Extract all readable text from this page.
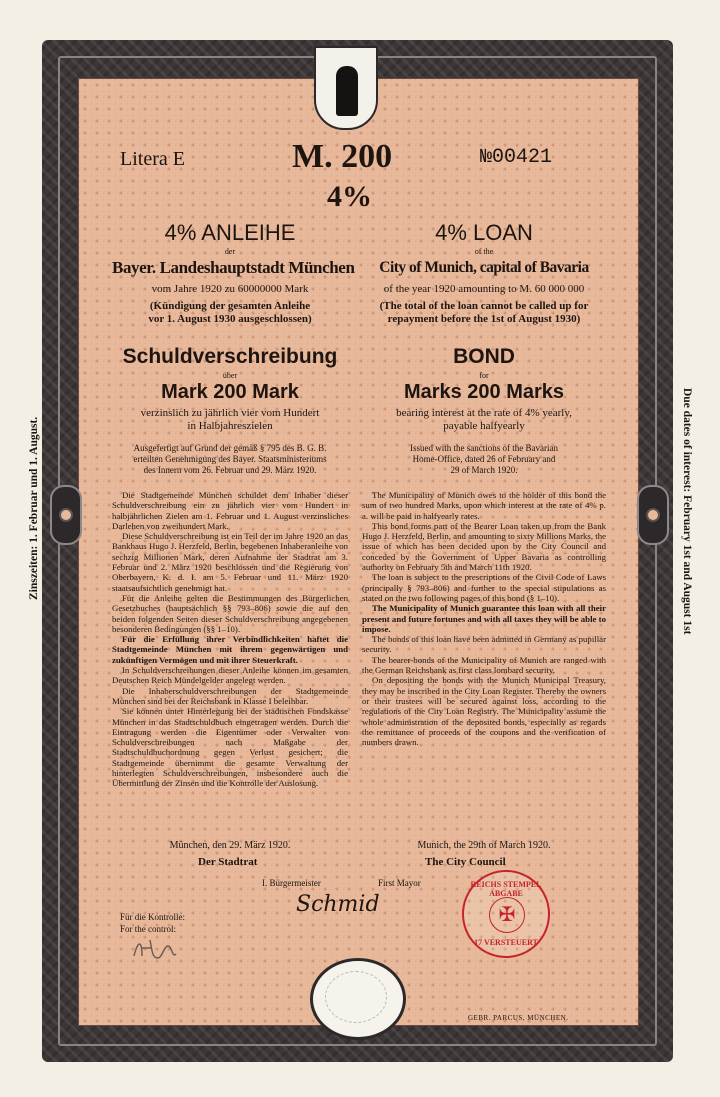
Zinszeiten: 1. Februar und 1. August.	Due dates of interest: February 1st and August 1st
Litera E	M. 200	№00421
4%
4% ANLEIHE
der
Bayer. Landeshauptstadt München
vom Jahre 1920 zu 60000000 Mark
(Kündigung der gesamten Anleihe
vor 1. August 1930 ausgeschlossen)
Schuldverschreibung
über
Mark 200 Mark
verzinslich zu jährlich vier vom Hundert
in Halbjahreszielen
Ausgefertigt auf Grund der gemäß § 795 des B. G. B.
erteilten Genehmigung des Bayer. Staatsministeriums
des Innern vom 26. Februar und 29. März 1920.
4% LOAN
of the
City of Munich, capital of Bavaria
of the year 1920 amounting to M. 60 000 000
(The total of the loan cannot be called up for
repayment before the 1st of August 1930)
BOND
for
Marks 200 Marks
bearing interest at the rate of 4% yearly,
payable halfyearly
Issued with the sanctions of the Bavarian
Home-Office, dated 26 of February and
29 of March 1920.
Die Stadtgemeinde München schuldet dem Inhaber dieser Schuldverschreibung ein zu jährlich vier vom Hundert in halbjährlichen Zielen am 1. Februar und 1. August verzinsliches Darlehen von zweihundert Mark.
Diese Schuldverschreibung ist ein Teil der im Jahre 1920 an das Bankhaus Hugo J. Herzfeld, Berlin, begebenen Inhaberanleihe von sechzig Millionen Mark, deren Aufnahme der Stadtrat am 3. Februar und 2. März 1920 beschlossen und die Regierung von Oberbayern, K. d. I. am 5. Februar und 11. März 1920 staatsaufsichtlich genehmigt hat.
Für die Anleihe gelten die Bestimmungen des Bürgerlichen Gesetzbuches (hauptsächlich §§ 793–806) sowie die auf den beiden folgenden Seiten dieser Schuldverschreibung angegebenen besonderen Bedingungen (§§ 1–10).
Für die Erfüllung ihrer Verbindlichkeiten haftet die Stadtgemeinde München mit ihrem gegenwärtigen und zukünftigen Vermögen und mit ihrer Steuerkraft.
In Schuldverschreibungen dieser Anleihe können im gesamten Deutschen Reich Mündelgelder angelegt werden.
Die Inhaberschuldverschreibungen der Stadtgemeinde München sind bei der Reichsbank in Klasse I beleihbar.
Sie können unter Hinterlegung bei der städtischen Fondskasse München in das Stadtschuldbuch eingetragen werden. Durch die Eintragung werden die Eigentümer oder Verwalter von Schuldverschreibungen nach Maßgabe der Stadtschuldbuchordnung gegen Verlust gesichert; die Stadtgemeinde übernimmt die gesamte Verwaltung der hinterlegten Schuldverschreibungen, insbesondere auch die Übermittlung der Zinsen und die Kontrolle der Auslosung.
The Municipality of Munich owes to the holder of this bond the sum of two hundred Marks, upon which interest at the rate of 4% p. a. will be paid in halfyearly rates.
This bond forms part of the Bearer Loan taken up from the Bank Hugo J. Herzfeld, Berlin, and amounting to sixty Millions Marks, the issue of which has been decided upon by the City Council and conceded by the Government of Upper Bavaria as controlling authority on February 5th and March 11th 1920.
The loan is subject to the prescriptions of the Civil Code of Laws (principally § 793–806) and further to the special stipulations as stated on the two following pages of this bond (§ 1–10).
The Municipality of Munich guarantee this loan with all their present and future fortunes and with all taxes they will be able to impose.
The bonds of this loan have been admitted in Germany as pupillar security.
The bearer-bonds of the Municipality of Munich are ranged with the German Reichsbank as first class lombard security.
On depositing the bonds with the Munich Municipal Treasury, they may be inscribed in the City Loan Register. Thereby the owners or their trustees will be secured against loss, according to the regulations of the City Loan Registry. The Municipality assume the whole administration of the deposited bonds, especially as regards the remittance of proceeds of the coupons and the verification of numbers drawn.
München, den 29. März 1920.	Munich, the 29th of March 1920.
Der Stadtrat	The City Council
I. Bürgermeister	First Mayor
Schmid
Für die Kontrolle:
For the control:
REICHS STEMPEL ABGABE
✠
17 VERSTEUERT
GEBR. PARCUS, MÜNCHEN.
